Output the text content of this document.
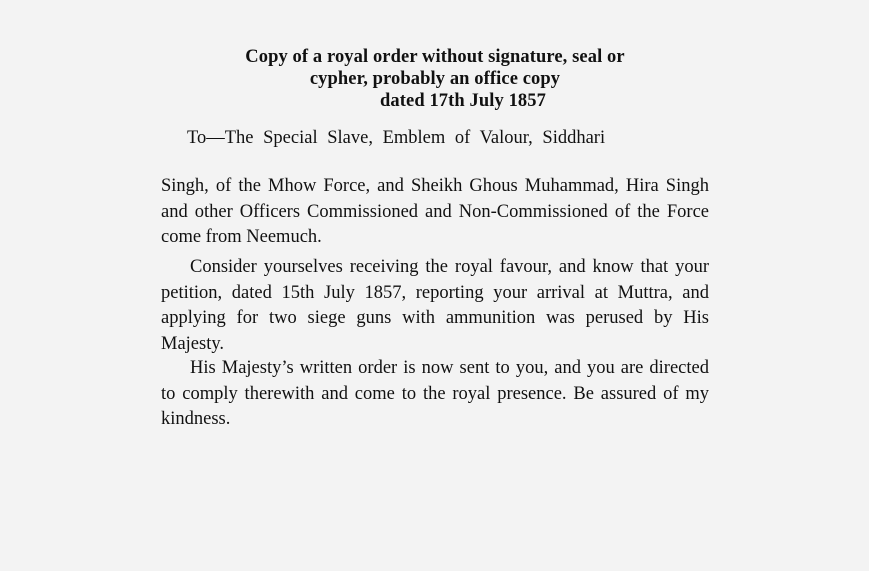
Copy of a royal order without signature, seal or
cypher, probably an office copy
dated 17th July 1857
To—The Special Slave, Emblem of Valour, Siddhari

Singh, of the Mhow Force, and Sheikh Ghous Muhammad, Hira Singh and other Officers Commissioned and Non-Commissioned of the Force come from Neemuch.

Consider yourselves receiving the royal favour, and know that your petition, dated 15th July 1857, reporting your arrival at Muttra, and applying for two siege guns with ammunition was perused by His Majesty.

His Majesty’s written order is now sent to you, and you are directed to comply therewith and come to the royal presence. Be assured of my kindness.
